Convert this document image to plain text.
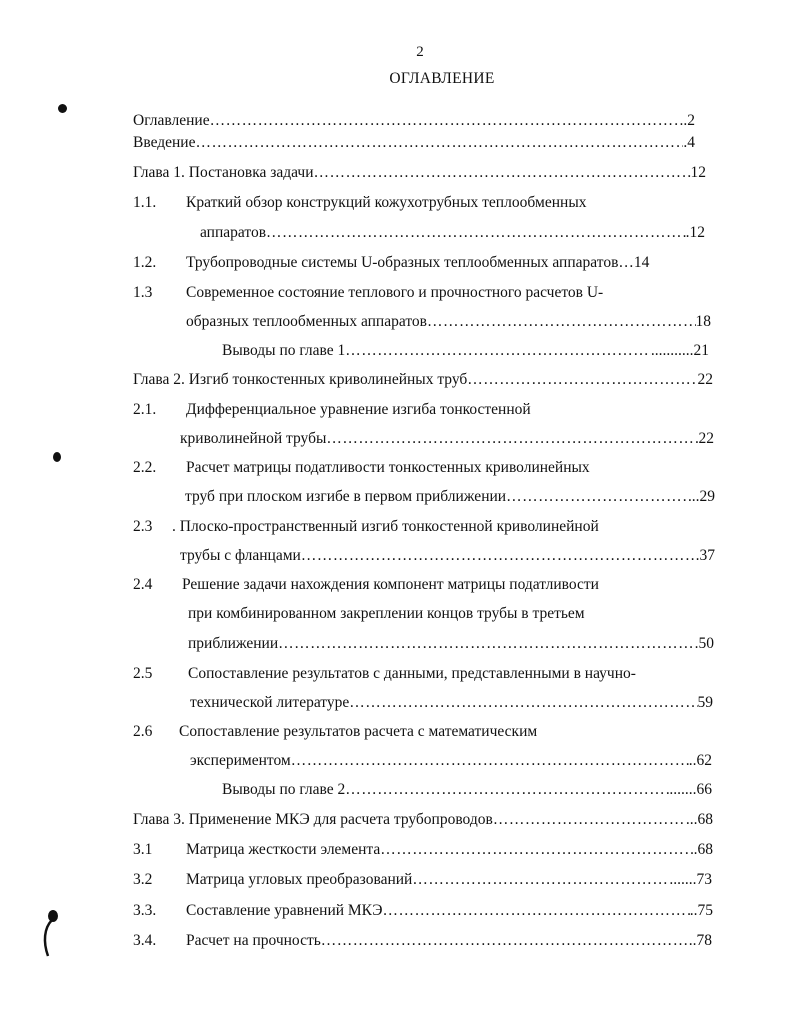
2
ОГЛАВЛЕНИЕ
Оглавление …………………………………………………………………………………………………………………………………………………………………………………………	..2
Введение …………………………………………………………………………………………………………………………………………………………………………………………	.4
Глава 1. Постановка задачи …………………………………………………………………………………………………………………………………………………………………………………………	12
1.1. Краткий обзор конструкций кожухотрубных теплообменных
аппаратов …………………………………………………………………………………………………………………………………………………………………………………………	.12
1.2. Трубопроводные системы U-образных теплообменных аппаратов…14
1.3 Современное состояние теплового и прочностного расчетов U-
образных теплообменных аппаратов …………………………………………………………………………………………………………………………………………………………………………………………	18
Выводы по главе 1 …………………………………………………………………………………………………………………………………………………………………………………………	...........21
Глава 2. Изгиб тонкостенных криволинейных труб …………………………………………………………………………………………………………………………………………………………………………………………	22
2.1. Дифференциальное уравнение изгиба тонкостенной
криволинейной трубы …………………………………………………………………………………………………………………………………………………………………………………………	22
2.2. Расчет матрицы податливости тонкостенных криволинейных
труб при плоском изгибе в первом приближении …………………………………………………………………………………………………………………………………………………………………………………………	..29
2.3 . Плоско-пространственный изгиб тонкостенной криволинейной
трубы с фланцами …………………………………………………………………………………………………………………………………………………………………………………………	.37
2.4 Решение задачи нахождения компонент матрицы податливости
при комбинированном закреплении концов трубы в третьем
приближении …………………………………………………………………………………………………………………………………………………………………………………………	.50
2.5 Сопоставление результатов с данными, представленными в научно-
технической литературе …………………………………………………………………………………………………………………………………………………………………………………………	59
2.6 Сопоставление результатов расчета с математическим
экспериментом …………………………………………………………………………………………………………………………………………………………………………………………	..62
Выводы по главе 2 …………………………………………………………………………………………………………………………………………………………………………………………	.......66
Глава 3. Применение МКЭ для расчета трубопроводов …………………………………………………………………………………………………………………………………………………………………………………………	...68
3.1 Матрица жесткости элемента …………………………………………………………………………………………………………………………………………………………………………………………	.68
3.2 Матрица угловых преобразований …………………………………………………………………………………………………………………………………………………………………………………………	.......73
3.3. Составление уравнений МКЭ …………………………………………………………………………………………………………………………………………………………………………………………	..75
3.4. Расчет на прочность …………………………………………………………………………………………………………………………………………………………………………………………	..78
